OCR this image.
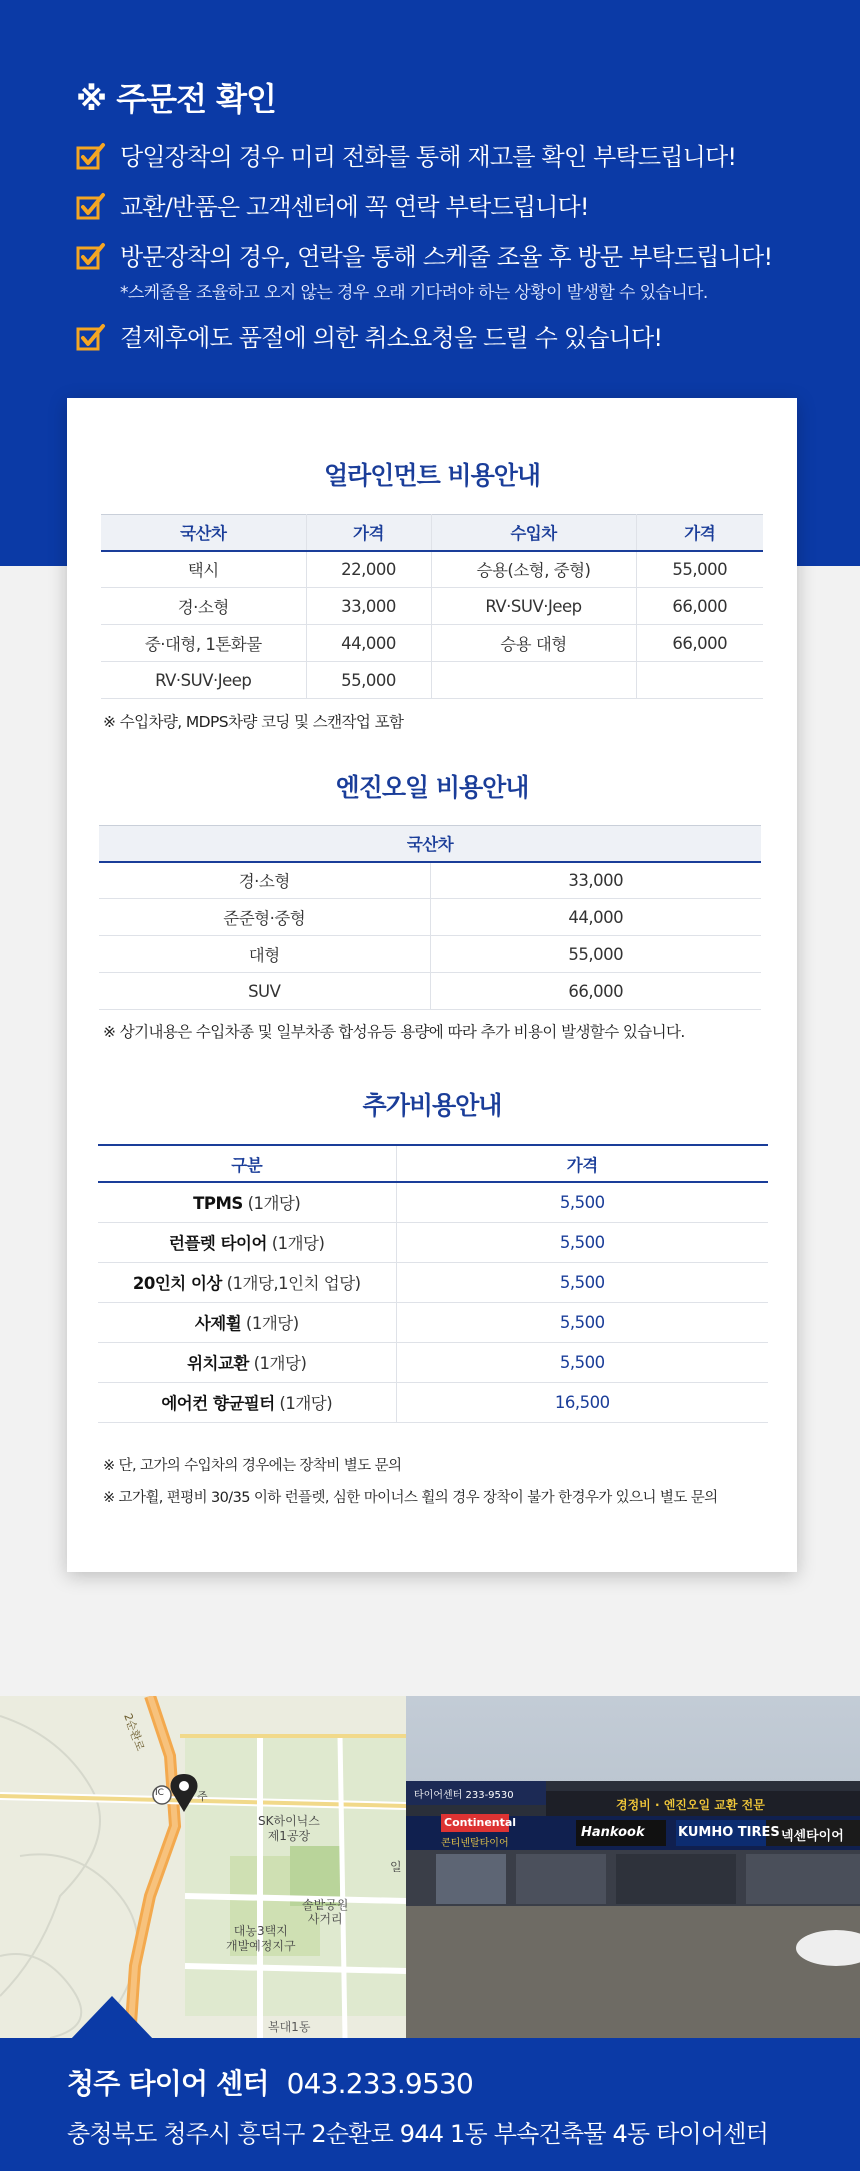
※ 주문전 확인
당일장착의 경우 미리 전화를 통해 재고를 확인 부탁드립니다!
교환/반품은 고객센터에 꼭 연락 부탁드립니다!
방문장착의 경우, 연락을 통해 스케줄 조율 후 방문 부탁드립니다!
*스케줄을 조율하고 오지 않는 경우 오래 기다려야 하는 상황이 발생할 수 있습니다.
결제후에도 품절에 의한 취소요청을 드릴 수 있습니다!
얼라인먼트 비용안내
국산차	가격	수입차	가격
택시	22,000	승용(소형, 중형)	55,000
경·소형	33,000	RV·SUV·Jeep	66,000
중·대형, 1톤화물	44,000	승용 대형	66,000
RV·SUV·Jeep	55,000		
※ 수입차량, MDPS차량 코딩 및 스캔작업 포함
엔진오일 비용안내
국산차	
경·소형	33,000
준준형·중형	44,000
대형	55,000
SUV	66,000
※ 상기내용은 수입차종 및 일부차종 합성유등 용량에 따라 추가 비용이 발생할수 있습니다.
추가비용안내
구분	가격
TPMS (1개당)	5,500
런플렛 타이어 (1개당)	5,500
20인치 이상 (1개당,1인치 업당)	5,500
사제휠 (1개당)	5,500
위치교환 (1개당)	5,500
에어컨 향균필터 (1개당)	16,500
※ 단, 고가의 수입차의 경우에는 장착비 별도 문의
※ 고가휠, 편평비 30/35 이하 런플렛, 심한 마이너스 휠의 경우 장착이 불가 한경우가 있으니 별도 문의
IC	주
SK하이닉스
제1공장
일
솔밭공원
사거리
대농3택지
개발예정지구
2순환로
복대1동
타이어센터 233-9530
경정비 · 엔진오일 교환 전문
Continental
콘티넨탈타이어
Hankook	KUMHO TIRES 넥센타이어
청주 타이어 센터 043.233.9530
충청북도 청주시 흥덕구 2순환로 944 1동 부속건축물 4동 타이어센터
